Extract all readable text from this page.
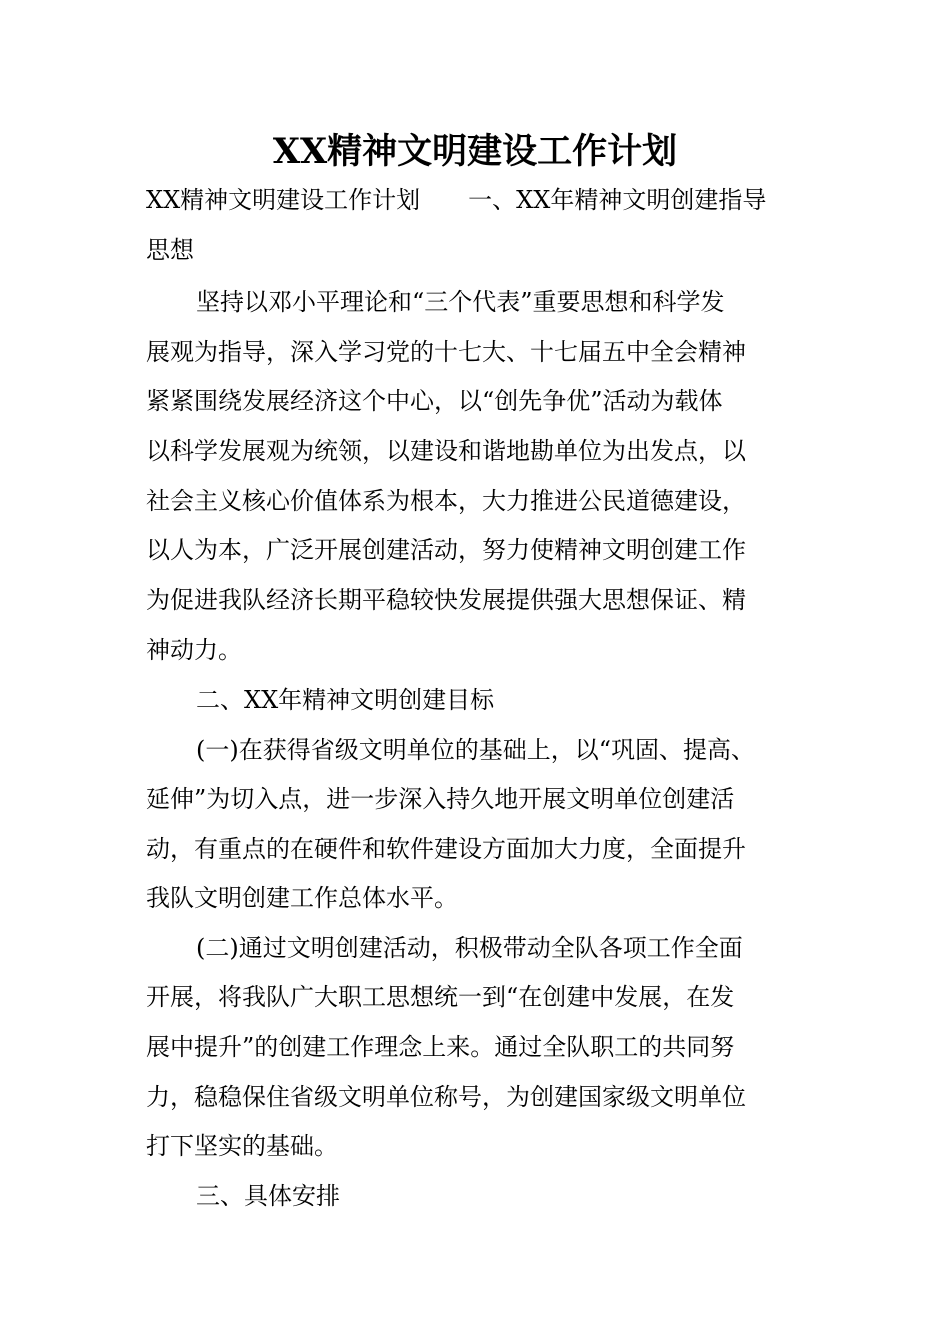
XX精神文明建设工作计划
XX精神文明建设工作计划　　一、XX年精神文明创建指导
思想
坚持以邓小平理论和“三个代表”重要思想和科学发
展观为指导，深入学习党的十七大、十七届五中全会精神
紧紧围绕发展经济这个中心，以“创先争优”活动为载体
以科学发展观为统领，以建设和谐地勘单位为出发点，以
社会主义核心价值体系为根本，大力推进公民道德建设，
以人为本，广泛开展创建活动，努力使精神文明创建工作
为促进我队经济长期平稳较快发展提供强大思想保证、精
神动力。
二、XX年精神文明创建目标
(一)在获得省级文明单位的基础上，以“巩固、提高、
延伸”为切入点，进一步深入持久地开展文明单位创建活
动，有重点的在硬件和软件建设方面加大力度，全面提升
我队文明创建工作总体水平。
(二)通过文明创建活动，积极带动全队各项工作全面
开展，将我队广大职工思想统一到“在创建中发展，在发
展中提升”的创建工作理念上来。通过全队职工的共同努
力，稳稳保住省级文明单位称号，为创建国家级文明单位
打下坚实的基础。
三、具体安排
